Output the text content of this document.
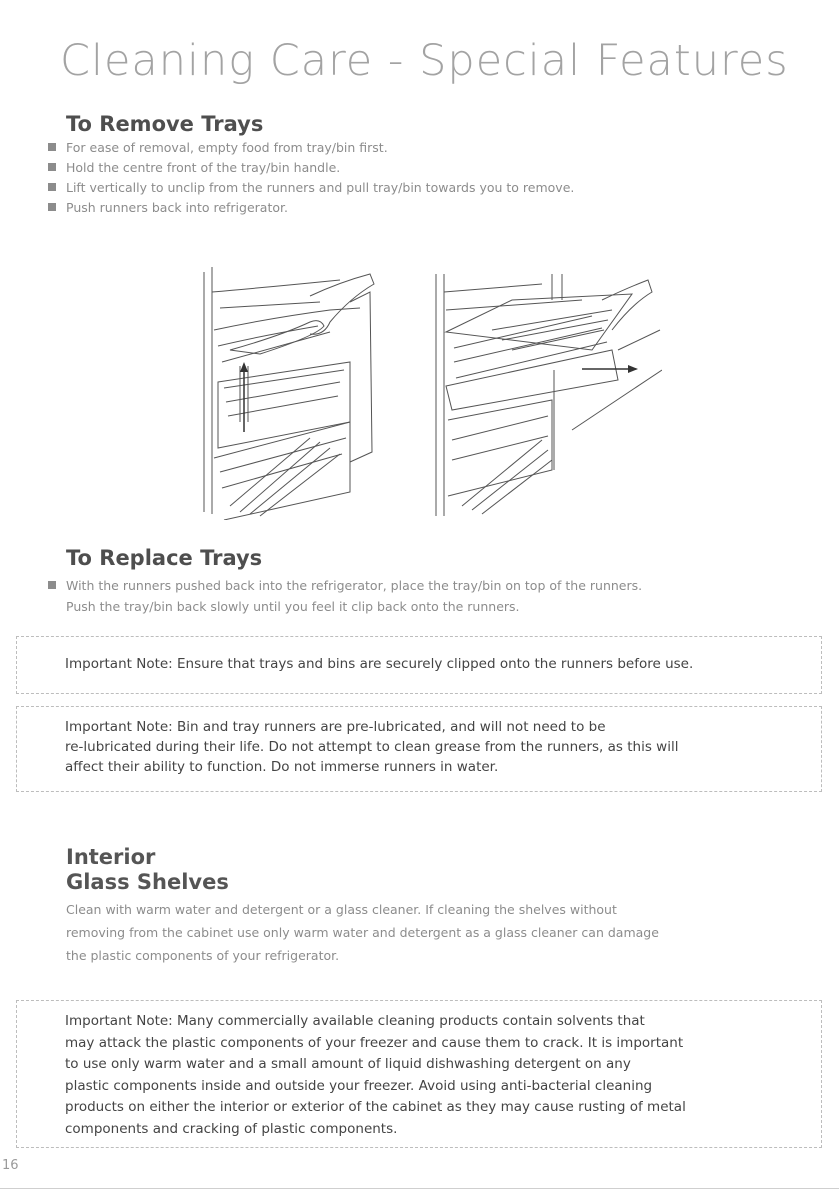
Cleaning Care - Special Features
To Remove Trays
For ease of removal, empty food from tray/bin first.
Hold the centre front of the tray/bin handle.
Lift vertically to unclip from the runners and pull tray/bin towards you to remove.
Push runners back into refrigerator.
To Replace Trays

With the runners pushed back into the refrigerator, place the tray/bin on top of the runners.

Push the tray/bin back slowly until you feel it clip back onto the runners.

Important Note: Ensure that trays and bins are securely clipped onto the runners before use.
Important Note: Bin and tray runners are pre-lubricated, and will not need to be
re-lubricated during their life. Do not attempt to clean grease from the runners, as this will
affect their ability to function. Do not immerse runners in water.
Interior
Glass Shelves

Clean with warm water and detergent or a glass cleaner. If cleaning the shelves without

removing from the cabinet use only warm water and detergent as a glass cleaner can damage

the plastic components of your refrigerator.

Important Note: Many commercially available cleaning products contain solvents that
may attack the plastic components of your freezer and cause them to crack. It is important
to use only warm water and a small amount of liquid dishwashing detergent on any
plastic components inside and outside your freezer. Avoid using anti-bacterial cleaning
products on either the interior or exterior of the cabinet as they may cause rusting of metal
components and cracking of plastic components.
16
